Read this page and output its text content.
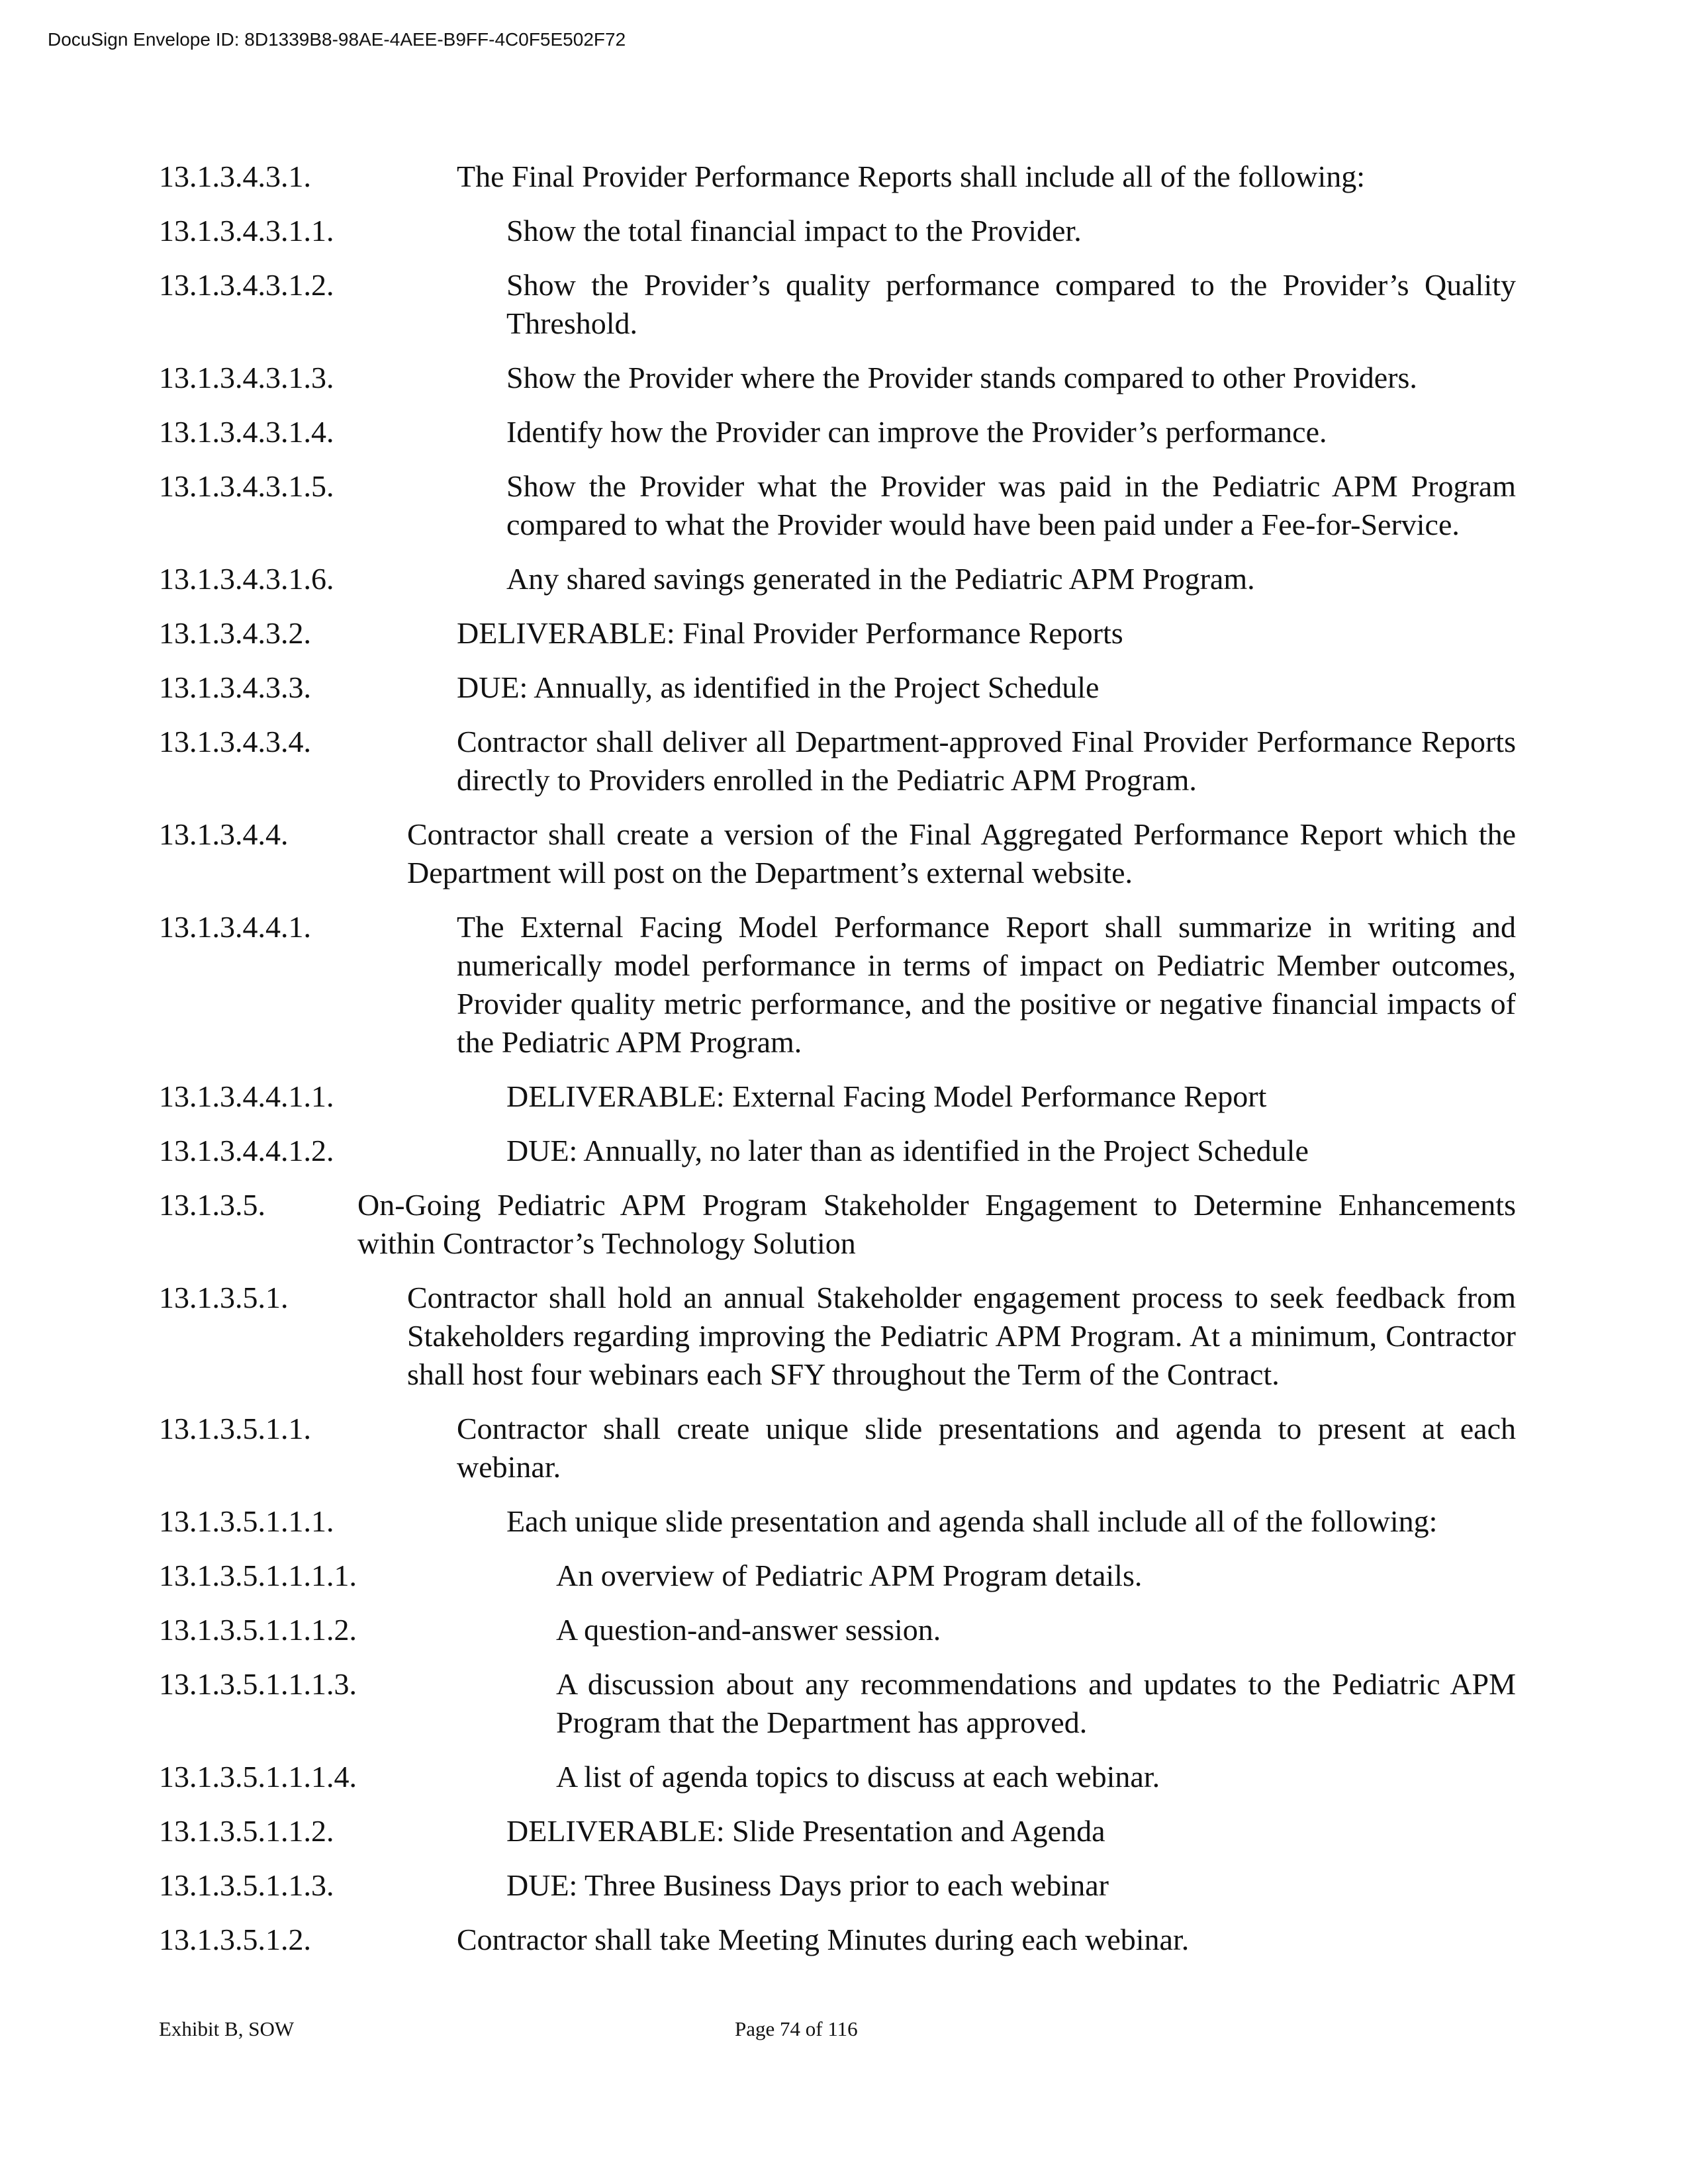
DocuSign Envelope ID: 8D1339B8-98AE-4AEE-B9FF-4C0F5E502F72
13.1.3.4.3.1.	The Final Provider Performance Reports shall include all of the following:
13.1.3.4.3.1.1.	Show the total financial impact to the Provider.
13.1.3.4.3.1.2.	Show the Provider’s quality performance compared to the Provider’s Quality Threshold.
13.1.3.4.3.1.3.	Show the Provider where the Provider stands compared to other Providers.
13.1.3.4.3.1.4.	Identify how the Provider can improve the Provider’s performance.
13.1.3.4.3.1.5.	Show the Provider what the Provider was paid in the Pediatric APM Program compared to what the Provider would have been paid under a Fee-for-Service.
13.1.3.4.3.1.6.	Any shared savings generated in the Pediatric APM Program.
13.1.3.4.3.2.	DELIVERABLE: Final Provider Performance Reports
13.1.3.4.3.3.	DUE: Annually, as identified in the Project Schedule
13.1.3.4.3.4.	Contractor shall deliver all Department-approved Final Provider Performance Reports directly to Providers enrolled in the Pediatric APM Program.
13.1.3.4.4.	Contractor shall create a version of the Final Aggregated Performance Report which the Department will post on the Department’s external website.
13.1.3.4.4.1.	The External Facing Model Performance Report shall summarize in writing and numerically model performance in terms of impact on Pediatric Member outcomes, Provider quality metric performance, and the positive or negative financial impacts of the Pediatric APM Program.
13.1.3.4.4.1.1.	DELIVERABLE: External Facing Model Performance Report
13.1.3.4.4.1.2.	DUE: Annually, no later than as identified in the Project Schedule
13.1.3.5.	On-Going Pediatric APM Program Stakeholder Engagement to Determine Enhancements within Contractor’s Technology Solution
13.1.3.5.1.	Contractor shall hold an annual Stakeholder engagement process to seek feedback from Stakeholders regarding improving the Pediatric APM Program. At a minimum, Contractor shall host four webinars each SFY throughout the Term of the Contract.
13.1.3.5.1.1.	Contractor shall create unique slide presentations and agenda to present at each webinar.
13.1.3.5.1.1.1.	Each unique slide presentation and agenda shall include all of the following:
13.1.3.5.1.1.1.1.	An overview of Pediatric APM Program details.
13.1.3.5.1.1.1.2.	A question-and-answer session.
13.1.3.5.1.1.1.3.	A discussion about any recommendations and updates to the Pediatric APM Program that the Department has approved.
13.1.3.5.1.1.1.4.	A list of agenda topics to discuss at each webinar.
13.1.3.5.1.1.2.	DELIVERABLE: Slide Presentation and Agenda
13.1.3.5.1.1.3.	DUE: Three Business Days prior to each webinar
13.1.3.5.1.2.	Contractor shall take Meeting Minutes during each webinar.
Exhibit B, SOW	Page 74 of 116
